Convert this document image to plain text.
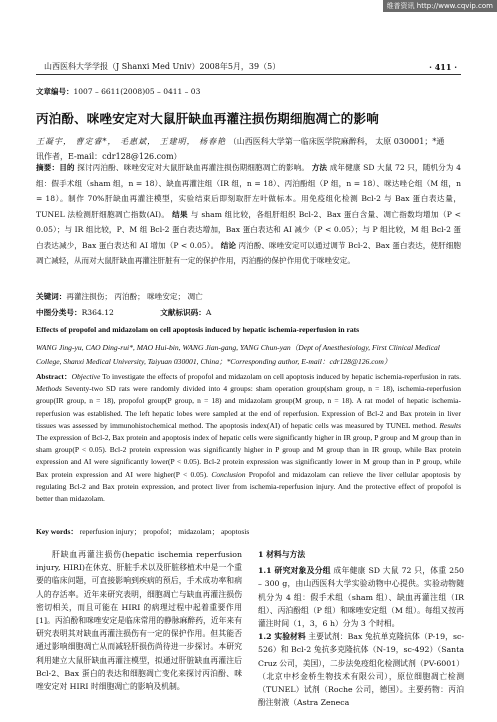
维普资讯 http://www.cqvip.com
山西医科大学学报（J Shanxi Med Univ）2008年5月，39（5）	· 411 ·
文章编号：1007 – 6611(2008)05 – 0411 – 03
丙泊酚、咪唑安定对大鼠肝缺血再灌注损伤期细胞凋亡的影响
王凝宇， 曹定睿*， 毛惠斌， 王建明， 杨春艳 （山西医科大学第一临床医学院麻醉科， 太原 030001；*通
讯作者，E-mail：cdr128@126.com）
摘要：目的 探讨丙泊酚、咪唑安定对大鼠肝缺血再灌注损伤期细胞凋亡的影响。 方法 成年健康 SD 大鼠 72 只，随机分为 4 组：假手术组（sham 组，n = 18）、缺血再灌注组（IR 组，n = 18）、丙泊酚组（P 组，n = 18）、咪达唑仑组（M 组，n = 18）。制作 70%肝缺血再灌注模型，实验结束后即刻取肝左叶做标本。用免疫组化检测 Bcl-2 与 Bax 蛋白表达量，TUNEL 法检测肝细胞凋亡指数(AI)。 结果 与 sham 组比较，各组肝组织 Bcl-2、Bax 蛋白含量、凋亡指数均增加（P < 0.05）；与 IR 组比较，P、M 组 Bcl-2 蛋白表达增加，Bax 蛋白表达和 AI 减少（P < 0.05）；与 P 组比较，M 组 Bcl-2 蛋白表达减少，Bax 蛋白表达和 AI 增加（P < 0.05）。 结论 丙泊酚、咪唑安定可以通过调节 Bcl-2、Bax 蛋白表达，使肝细胞凋亡减轻，从而对大鼠肝缺血再灌注肝脏有一定的保护作用，丙泊酚的保护作用优于咪唑安定。
关键词：再灌注损伤； 丙泊酚； 咪唑安定； 凋亡
中图分类号：R364.12	文献标识码：A
Effects of propofol and midazolam on cell apoptosis induced by hepatic ischemia-reperfusion in rats
WANG Jing-yu, CAO Ding-rui*, MAO Hui-bin, WANG Jian-gang, YANG Chun-yan（Dept of Anesthesiology, First Clinical Medical College, Shanxi Medical University, Taiyuan 030001, China；*Corresponding author, E-mail：cdr128@126.com）
Abstract：Objective To investigate the effects of propofol and midazolam on cell apoptosis induced by hepatic ischemia-reperfusion in rats. Methods Seventy-two SD rats were randomly divided into 4 groups: sham operation group(sham group, n = 18), ischemia-reperfusion group(IR group, n = 18), propofol group(P group, n = 18) and midazolam group(M group, n = 18). A rat model of hepatic ischemia-reperfusion was established. The left hepatic lobes were sampled at the end of reperfusion. Expression of Bcl-2 and Bax protein in liver tissues was assessed by immunohistochemical method. The apoptosis index(AI) of hepatic cells was measured by TUNEL method. Results The expression of Bcl-2, Bax protein and apoptosis index of hepatic cells were significantly higher in IR group, P group and M group than in sham group(P < 0.05). Bcl-2 protein expression was significantly higher in P group and M group than in IR group, while Bax protein expression and AI were significantly lower(P < 0.05). Bcl-2 protein expression was significantly lower in M group than in P group, while Bax protein expression and AI were higher(P < 0.05). Conclusion Propofol and midazolam can relieve the liver cellular apoptosis by regulating Bcl-2 and Bax protein expression, and protect liver from ischemia-reperfusion injury. And the protective effect of propofol is better than midazolam.
Key words： reperfusion injury； propofol； midazolam； apoptosis
肝缺血再灌注损伤(hepatic ischemia reperfusion injury, HIRI)在休克、肝脏手术以及肝脏移植术中是一个重要的临床问题，可直接影响到疾病的预后，手术成功率和病人的存活率。近年来研究表明，细胞凋亡与缺血再灌注损伤密切相关，而且可能在 HIRI 的病理过程中起着重要作用[1]。丙泊酚和咪唑安定是临床常用的静脉麻醉药，近年来有研究表明其对缺血再灌注损伤有一定的保护作用。但其能否通过影响细胞凋亡从而减轻肝损伤尚待进一步探讨。本研究利用建立大鼠肝缺血再灌注模型，拟通过肝脏缺血再灌注后 Bcl-2、Bax 蛋白的表达和细胞凋亡变化来探讨丙泊酚、咪唑安定对 HIRI 时细胞凋亡的影响及机制。

1 材料与方法

1.1 研究对象及分组 成年健康 SD 大鼠 72 只，体重 250 – 300 g，由山西医科大学实验动物中心提供。实验动物随机分为 4 组：假手术组（sham 组）、缺血再灌注组（IR 组）、丙泊酚组（P 组）和咪唑安定组（M 组）。每组又按再灌注时间（1，3，6 h）分为 3 个时相。

1.2 实验材料 主要试剂：Bax 兔抗单克隆抗体（P-19，sc-526）和 Bcl-2 兔抗多克隆抗体（N-19，sc-492）（Santa Cruz 公司，美国），二步法免疫组化检测试剂（PV-6001）（北京中杉金桥生物技术有限公司），原位细胞凋亡检测（TUNEL）试剂（Roche 公司，德国）。主要药物：丙泊酚注射液（Astra Zeneca
